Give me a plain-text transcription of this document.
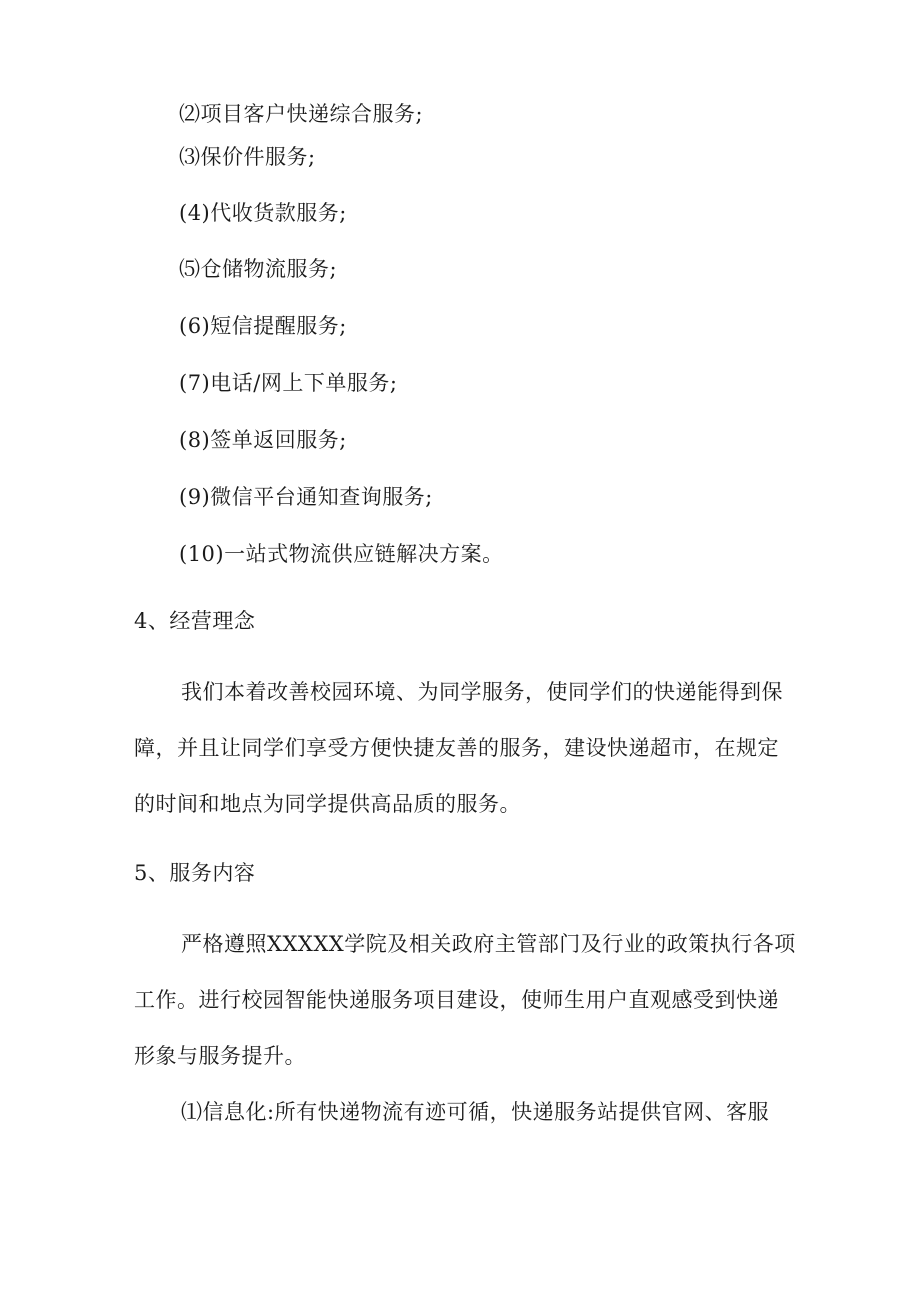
⑵项目客户快递综合服务;
⑶保价件服务;
(4)代收货款服务;
⑸仓储物流服务;
(6)短信提醒服务;
(7)电话/网上下单服务;
(8)签单返回服务;
(9)微信平台通知查询服务;
(10)一站式物流供应链解决方案。
4、经营理念
我们本着改善校园环境、为同学服务，使同学们的快递能得到保
障，并且让同学们享受方便快捷友善的服务，建设快递超市，在规定
的时间和地点为同学提供高品质的服务。
5、服务内容
严格遵照XXXXX学院及相关政府主管部门及行业的政策执行各项
工作。进行校园智能快递服务项目建设，使师生用户直观感受到快递
形象与服务提升。
⑴信息化:所有快递物流有迹可循，快递服务站提供官网、客服
